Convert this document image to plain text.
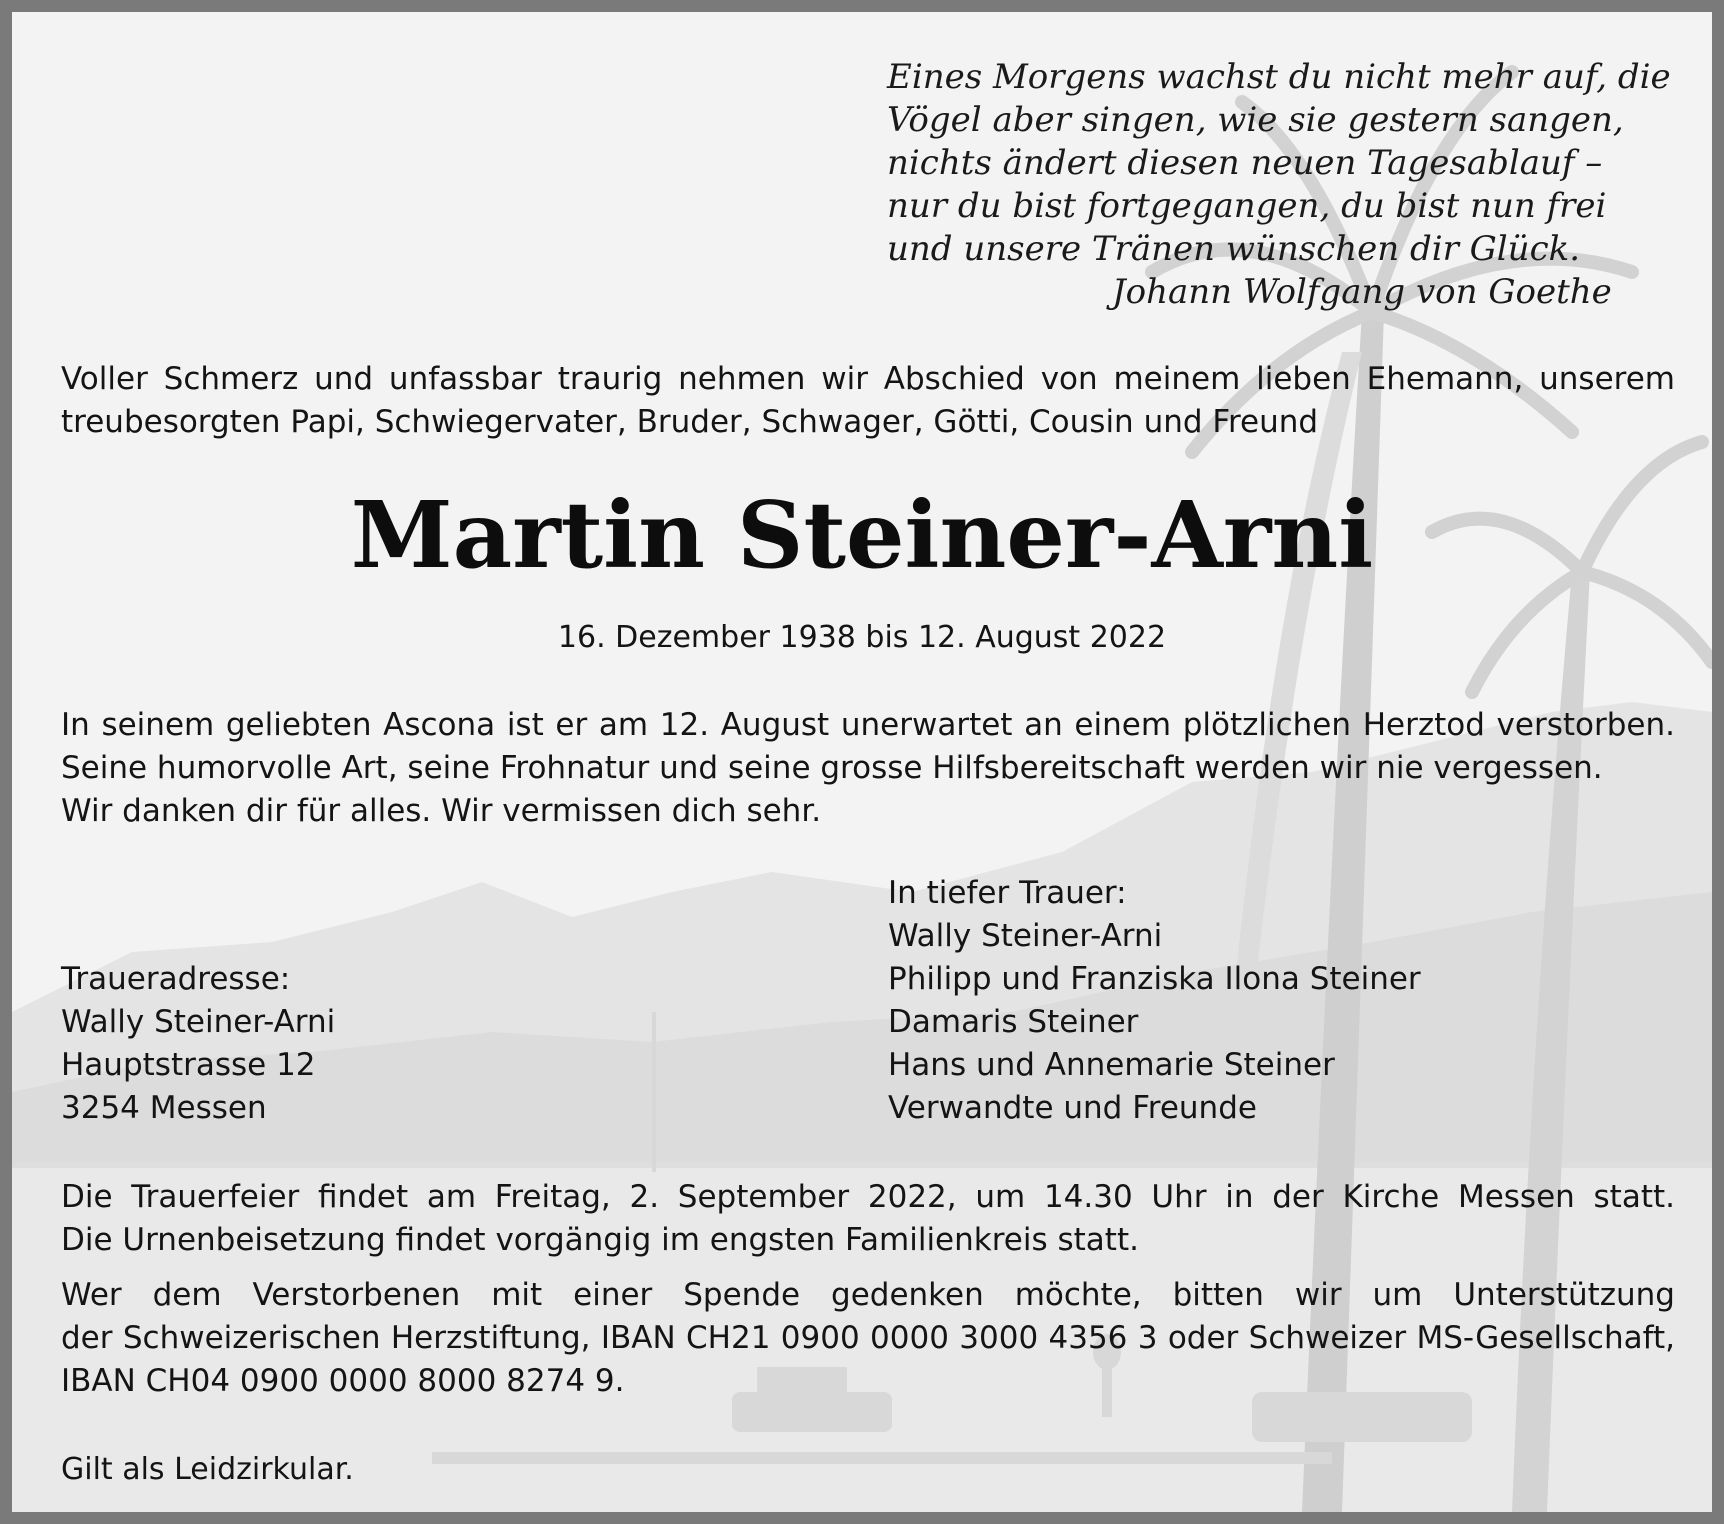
Eines Morgens wachst du nicht mehr auf, die
Vögel aber singen, wie sie gestern sangen,
nichts ändert diesen neuen Tagesablauf –
nur du bist fortgegangen, du bist nun frei
und unsere Tränen wünschen dir Glück.
Johann Wolfgang von Goethe

Voller Schmerz und unfassbar traurig nehmen wir Abschied von meinem lieben Ehemann, unserem treubesorgten Papi, Schwiegervater, Bruder, Schwager, Götti, Cousin und Freund

Martin Steiner-Arni

16. Dezember 1938 bis 12. August 2022

In seinem geliebten Ascona ist er am 12. August unerwartet an einem plötzlichen Herztod verstorben.
Seine humorvolle Art, seine Frohnatur und seine grosse Hilfsbereitschaft werden wir nie vergessen.
Wir danken dir für alles. Wir vermissen dich sehr.
In tiefer Trauer:
Wally Steiner-Arni
Philipp und Franziska Ilona Steiner
Damaris Steiner
Hans und Annemarie Steiner
Verwandte und Freunde
Traueradresse:
Wally Steiner-Arni
Hauptstrasse 12
3254 Messen
Die Trauerfeier findet am Freitag, 2. September 2022, um 14.30 Uhr in der Kirche Messen statt.
Die Urnenbeisetzung findet vorgängig im engsten Familienkreis statt.
Wer dem Verstorbenen mit einer Spende gedenken möchte, bitten wir um Unterstützung
der Schweizerischen Herzstiftung, IBAN CH21 0900 0000 3000 4356 3 oder Schweizer MS-Gesellschaft,
IBAN CH04 0900 0000 8000 8274 9.

Gilt als Leidzirkular.
